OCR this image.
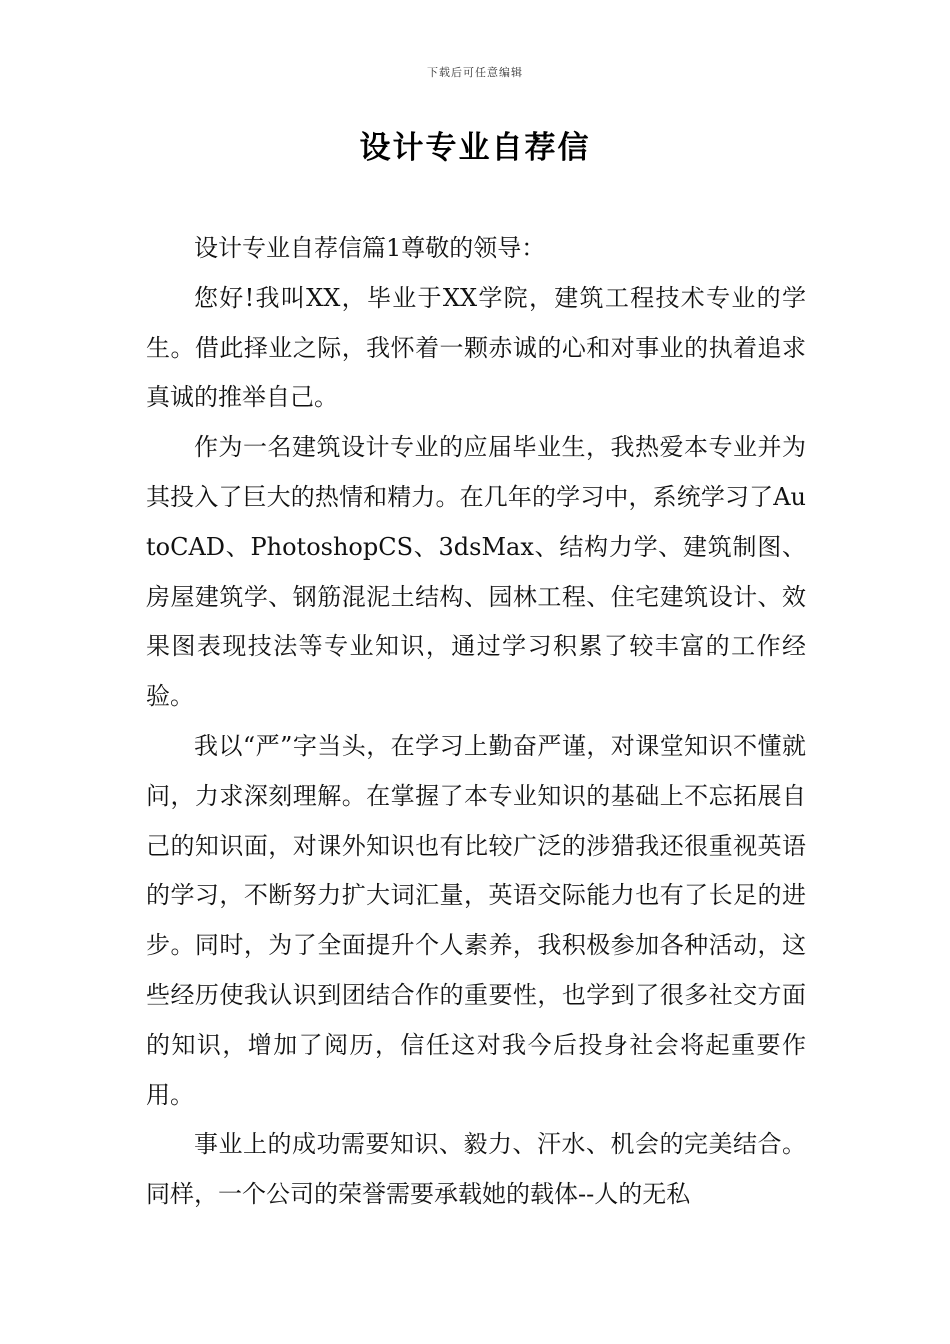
下载后可任意编辑
设计专业自荐信

设计专业自荐信篇1尊敬的领导：

您好!我叫XX，毕业于XX学院，建筑工程技术专业的学生。借此择业之际，我怀着一颗赤诚的心和对事业的执着追求真诚的推举自己。

作为一名建筑设计专业的应届毕业生，我热爱本专业并为其投入了巨大的热情和精力。在几年的学习中，系统学习了AutoCAD、PhotoshopCS、3dsMax、结构力学、建筑制图、房屋建筑学、钢筋混泥土结构、园林工程、住宅建筑设计、效果图表现技法等专业知识，通过学习积累了较丰富的工作经验。

我以“严”字当头，在学习上勤奋严谨，对课堂知识不懂就问，力求深刻理解。在掌握了本专业知识的基础上不忘拓展自己的知识面，对课外知识也有比较广泛的涉猎我还很重视英语的学习，不断努力扩大词汇量，英语交际能力也有了长足的进步。同时，为了全面提升个人素养，我积极参加各种活动，这些经历使我认识到团结合作的重要性，也学到了很多社交方面的知识，增加了阅历，信任这对我今后投身社会将起重要作用。

事业上的成功需要知识、毅力、汗水、机会的完美结合。同样，一个公司的荣誉需要承载她的载体--人的无私
